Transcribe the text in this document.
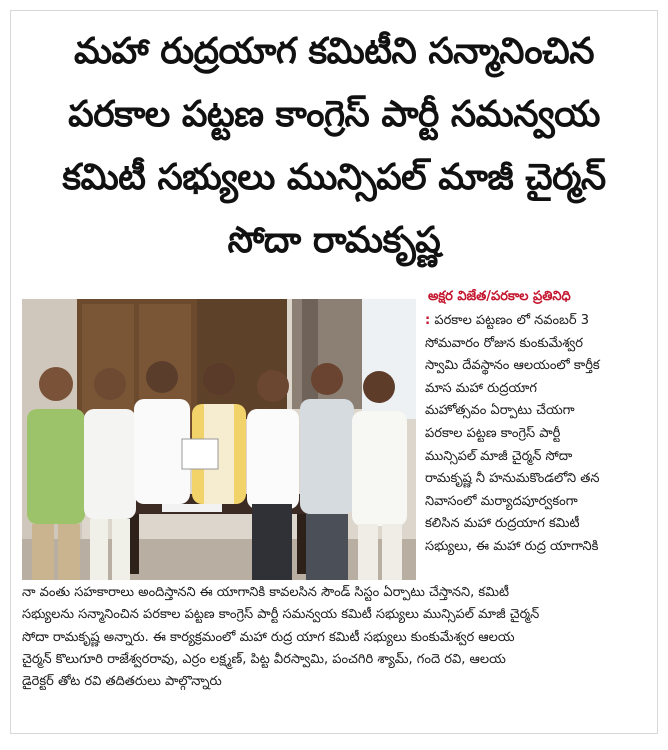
మహా రుద్రయాగ కమిటీని సన్మానించిన
పరకాల పట్టణ కాంగ్రెస్ పార్టీ సమన్వయ
కమిటీ సభ్యులు మున్సిపల్ మాజీ చైర్మన్
సోదా రామకృష్ణ
అక్షర విజేత/పరకాల ప్రతినిధి
: పరకాల పట్టణం లో నవంబర్ 3
సోమవారం రోజున కుంకుమేశ్వర
స్వామి దేవస్థానం ఆలయంలో కార్తీక
మాస మహా రుద్రయాగ
మహోత్సవం ఏర్పాటు చేయగా
పరకాల పట్టణ కాంగ్రెస్ పార్టీ
మున్సిపల్ మాజీ చైర్మన్ సోదా
రామకృష్ణ నీ హనుమకొండలోని తన
నివాసంలో మర్యాదపూర్వకంగా
కలిసిన మహా రుద్రయాగ కమిటీ
సభ్యులు, ఈ మహా రుద్ర యాగానికి
నా వంతు సహకారాలు అందిస్తానని ఈ యాగానికి కావలసిన సౌండ్ సిస్టం ఏర్పాటు చేస్తానని, కమిటీ
సభ్యులను సన్మానించిన పరకాల పట్టణ కాంగ్రెస్ పార్టీ సమన్వయ కమిటీ సభ్యులు మున్సిపల్ మాజీ చైర్మన్
సోదా రామకృష్ణ అన్నారు. ఈ కార్యక్రమంలో మహా రుద్ర యాగ కమిటీ సభ్యులు కుంకుమేశ్వర ఆలయ
చైర్మన్ కొలుగూరి రాజేశ్వరరావు, ఎర్రం లక్ష్మణ్, పిట్ట వీరస్వామి, పంచగిరి శ్యామ్, గందె రవి, ఆలయ
డైరెక్టర్ తోట రవి తదితరులు పాల్గొన్నారు
